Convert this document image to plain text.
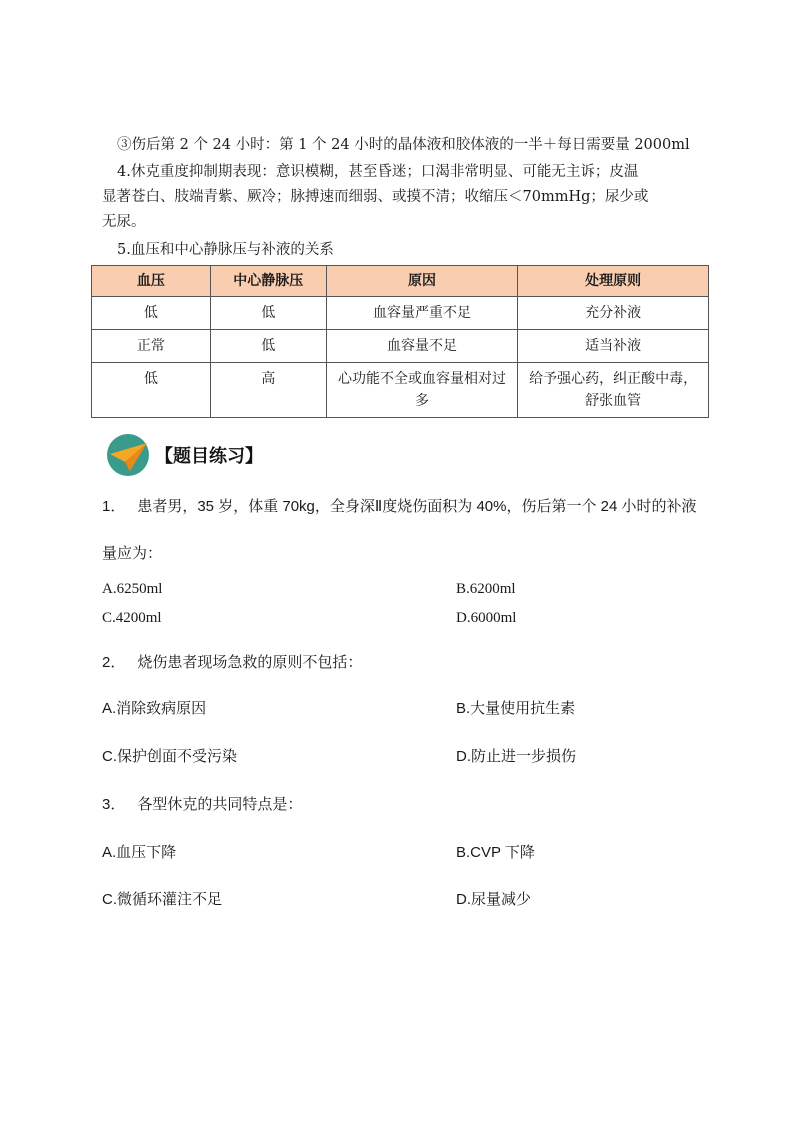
③伤后第 2 个 24 小时：第 1 个 24 小时的晶体液和胶体液的一半＋每日需要量 2000ml
4.休克重度抑制期表现：意识模糊，甚至昏迷；口渴非常明显、可能无主诉；皮温
显著苍白、肢端青紫、厥冷；脉搏速而细弱、或摸不清；收缩压＜70mmHg；尿少或
无尿。
5.血压和中心静脉压与补液的关系
血压	中心静脉压	原因	处理原则
低	低	血容量严重不足	充分补液
正常	低	血容量不足	适当补液
低	高	心功能不全或血容量相对过多	给予强心药，纠正酸中毒，舒张血管
【题目练习】
1． 患者男，35 岁，体重 70kg，全身深Ⅱ度烧伤面积为 40%，伤后第一个 24 小时的补液
量应为：
A.6250ml	B.6200ml
C.4200ml	D.6000ml
2． 烧伤患者现场急救的原则不包括：
A.消除致病原因	B.大量使用抗生素
C.保护创面不受污染	D.防止进一步损伤
3． 各型休克的共同特点是：
A.血压下降	B.CVP 下降
C.微循环灌注不足	D.尿量减少
